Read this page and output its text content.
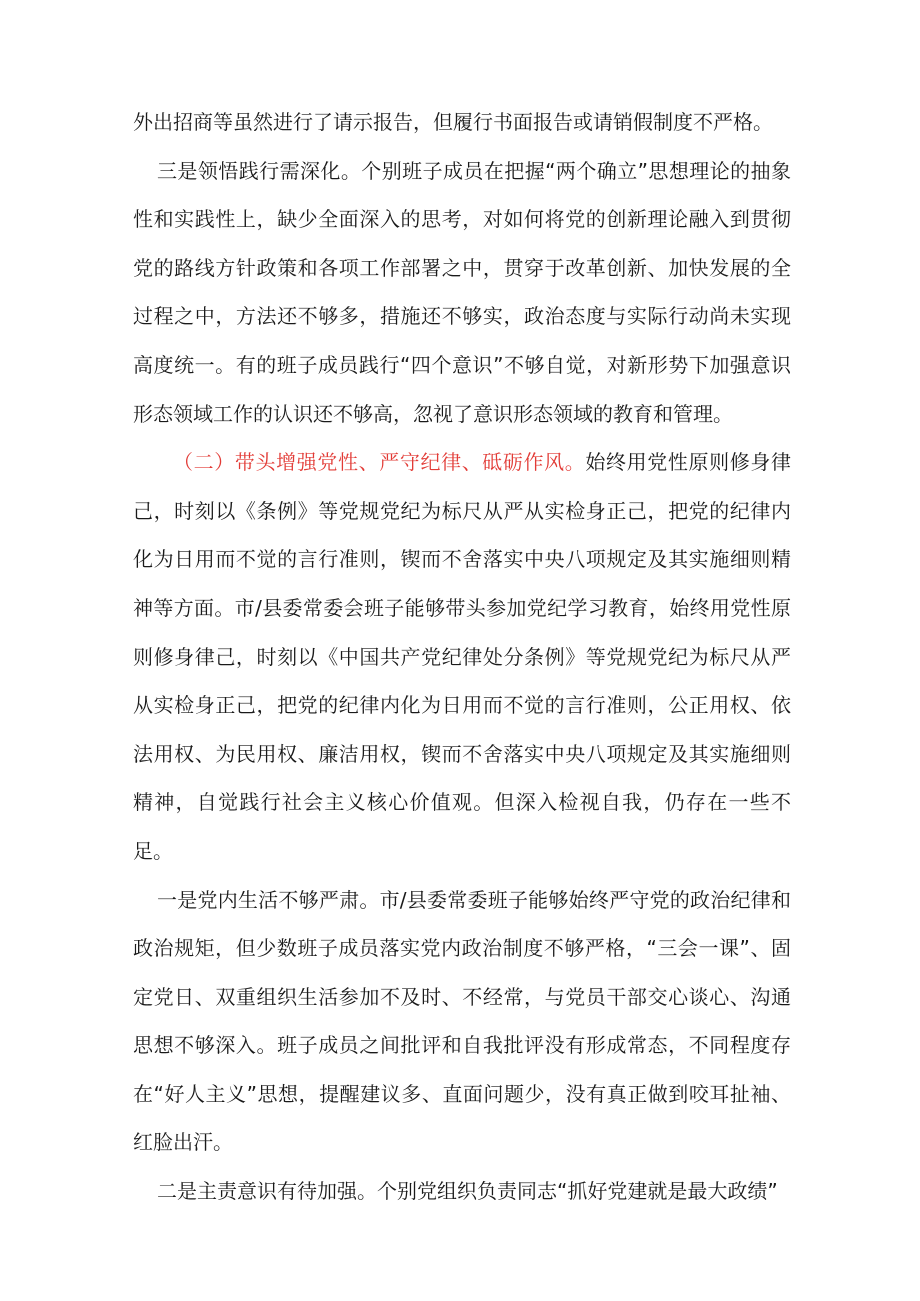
外出招商等虽然进行了请示报告，但履行书面报告或请销假制度不严格。

三是领悟践行需深化。个别班子成员在把握“两个确立”思想理论的抽象性和实践性上，缺少全面深入的思考，对如何将党的创新理论融入到贯彻党的路线方针政策和各项工作部署之中，贯穿于改革创新、加快发展的全过程之中，方法还不够多，措施还不够实，政治态度与实际行动尚未实现高度统一。有的班子成员践行“四个意识”不够自觉，对新形势下加强意识形态领域工作的认识还不够高，忽视了意识形态领域的教育和管理。

（二）带头增强党性、严守纪律、砥砺作风。始终用党性原则修身律己，时刻以《条例》等党规党纪为标尺从严从实检身正己，把党的纪律内化为日用而不觉的言行准则，锲而不舍落实中央八项规定及其实施细则精神等方面。市/县委常委会班子能够带头参加党纪学习教育，始终用党性原则修身律己，时刻以《中国共产党纪律处分条例》等党规党纪为标尺从严从实检身正己，把党的纪律内化为日用而不觉的言行准则，公正用权、依法用权、为民用权、廉洁用权，锲而不舍落实中央八项规定及其实施细则精神，自觉践行社会主义核心价值观。但深入检视自我，仍存在一些不足。

一是党内生活不够严肃。市/县委常委班子能够始终严守党的政治纪律和政治规矩，但少数班子成员落实党内政治制度不够严格，“三会一课”、固定党日、双重组织生活参加不及时、不经常，与党员干部交心谈心、沟通思想不够深入。班子成员之间批评和自我批评没有形成常态，不同程度存在“好人主义”思想，提醒建议多、直面问题少，没有真正做到咬耳扯袖、红脸出汗。

二是主责意识有待加强。个别党组织负责同志“抓好党建就是最大政绩”
